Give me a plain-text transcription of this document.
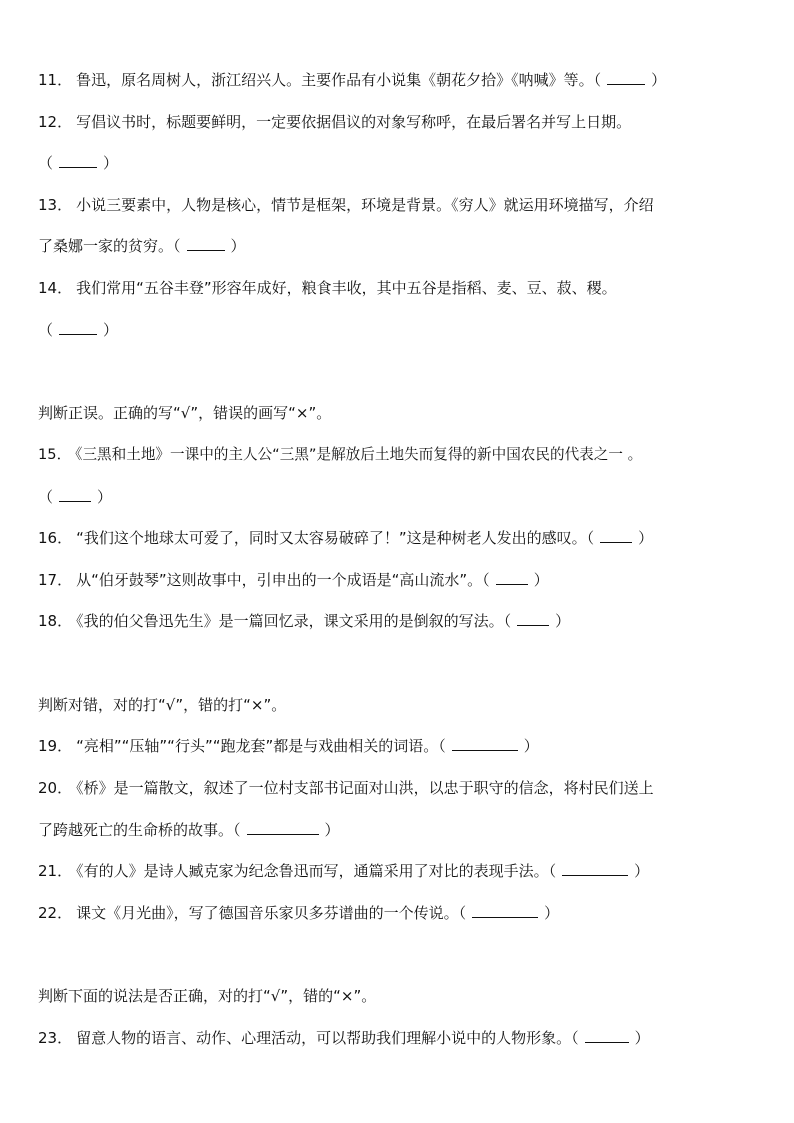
11． 鲁迅，原名周树人，浙江绍兴人。主要作品有小说集《朝花夕拾》《呐喊》等。（	）
12． 写倡议书时，标题要鲜明，一定要依据倡议的对象写称呼，在最后署名并写上日期。
（	）
13． 小说三要素中，人物是核心，情节是框架，环境是背景。《穷人》就运用环境描写，介绍
了桑娜一家的贫穷。（	）
14． 我们常用“五谷丰登”形容年成好，粮食丰收，其中五谷是指稻、麦、豆、菽、稷。
（	）
判断正误。正确的写“√”，错误的画写“×”。
15． 《三黑和土地》一课中的主人公“三黑”是解放后土地失而复得的新中国农民的代表之一 。
（	）
16． “我们这个地球太可爱了，同时又太容易破碎了！”这是种树老人发出的感叹。（	）
17． 从“伯牙鼓琴”这则故事中，引申出的一个成语是“高山流水”。（	）
18． 《我的伯父鲁迅先生》是一篇回忆录，课文采用的是倒叙的写法。（	）
判断对错，对的打“√”，错的打“×”。
19． “亮相”“压轴”“行头”“跑龙套”都是与戏曲相关的词语。（	）
20． 《桥》是一篇散文，叙述了一位村支部书记面对山洪，以忠于职守的信念，将村民们送上
了跨越死亡的生命桥的故事。（	）
21． 《有的人》是诗人臧克家为纪念鲁迅而写，通篇采用了对比的表现手法。（	）
22． 课文《月光曲》，写了德国音乐家贝多芬谱曲的一个传说。（	）
判断下面的说法是否正确，对的打“√”，错的“×”。
23． 留意人物的语言、动作、心理活动，可以帮助我们理解小说中的人物形象。（	）
